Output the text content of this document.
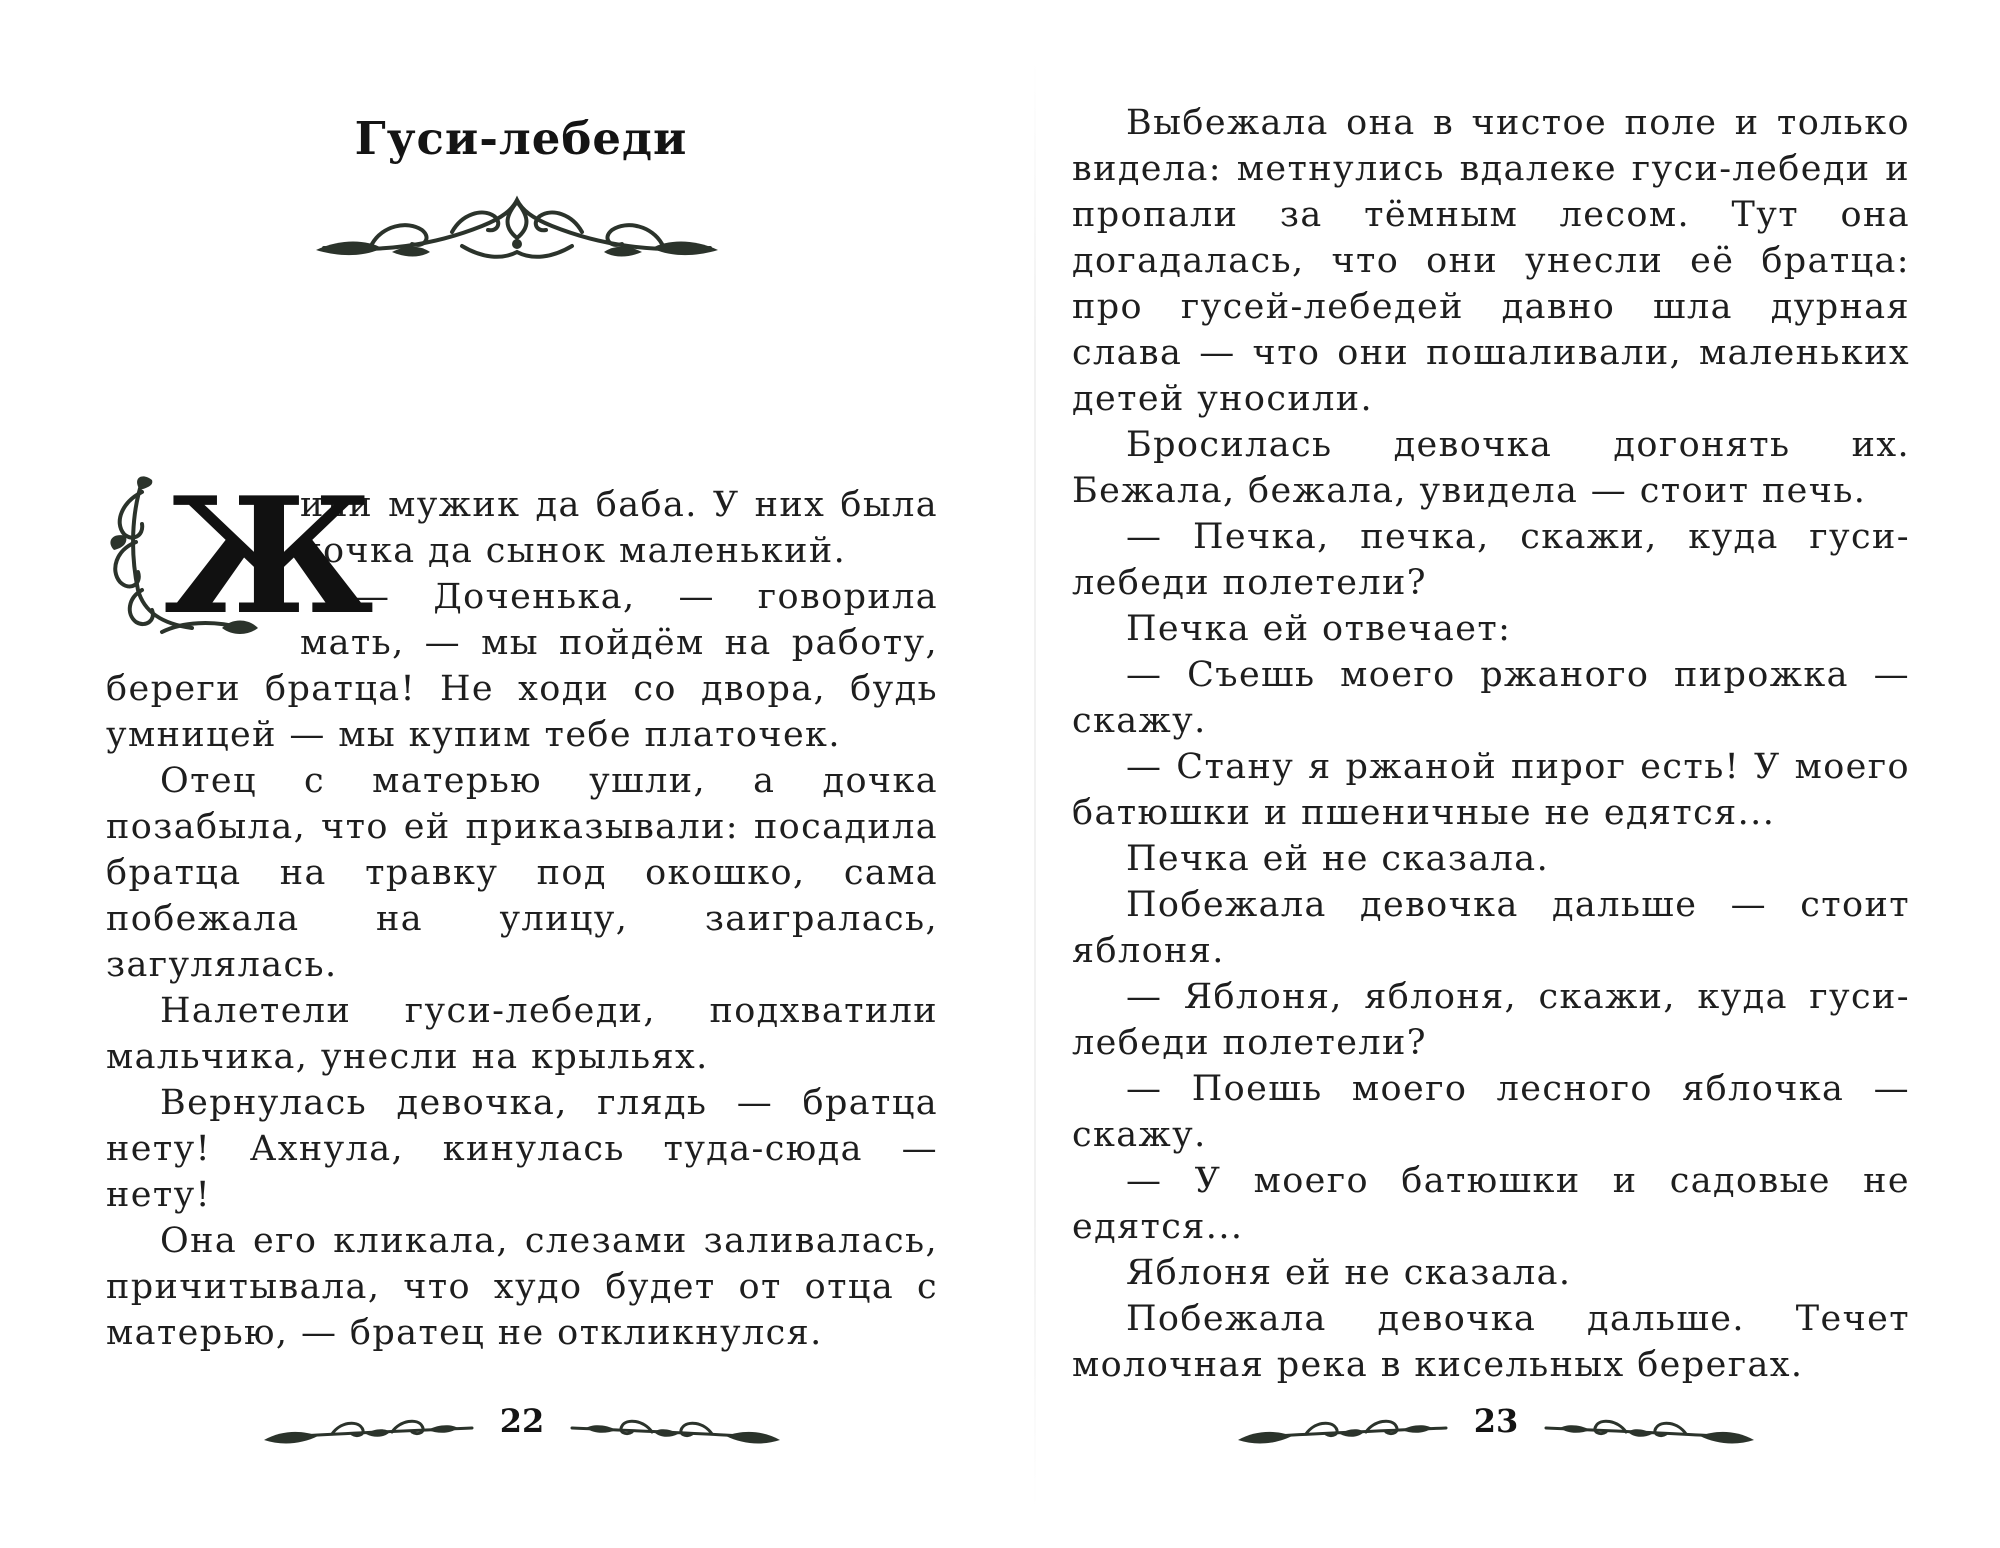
Гуси-лебеди
Ж

или мужик да баба. У них была дочка да сынок маленький.

— Доченька, — говорила мать, — мы пойдём на работу, береги братца! Не ходи со двора, будь умницей — мы купим тебе платочек.

Отец с матерью ушли, а дочка позабыла, что ей приказывали: посадила братца на травку под окошко, сама побежала на улицу, заигралась, загулялась.

Налетели гуси-лебеди, подхватили мальчика, унесли на крыльях.

Вернулась девочка, глядь — братца нету! Ахнула, кинулась туда-сюда — нету!

Она его кликала, слезами заливалась, причитывала, что худо будет от отца с матерью, — братец не откликнулся.

22

Выбежала она в чистое поле и только видела: метнулись вдалеке гуси-лебеди и пропали за тёмным лесом. Тут она догадалась, что они унесли её братца: про гусей-лебедей давно шла дурная слава — что они пошаливали, маленьких детей уносили.

Бросилась девочка догонять их. Бежала, бежала, увидела — стоит печь.

— Печка, печка, скажи, куда гуси-лебеди полетели?

Печка ей отвечает:

— Съешь моего ржаного пирожка — скажу.

— Стану я ржаной пирог есть! У моего батюшки и пшеничные не едятся...

Печка ей не сказала.

Побежала девочка дальше — стоит яблоня.

— Яблоня, яблоня, скажи, куда гуси-лебеди полетели?

— Поешь моего лесного яблочка — скажу.

— У моего батюшки и садовые не едятся...

Яблоня ей не сказала.

Побежала девочка дальше. Течет молочная река в кисельных берегах.

23
